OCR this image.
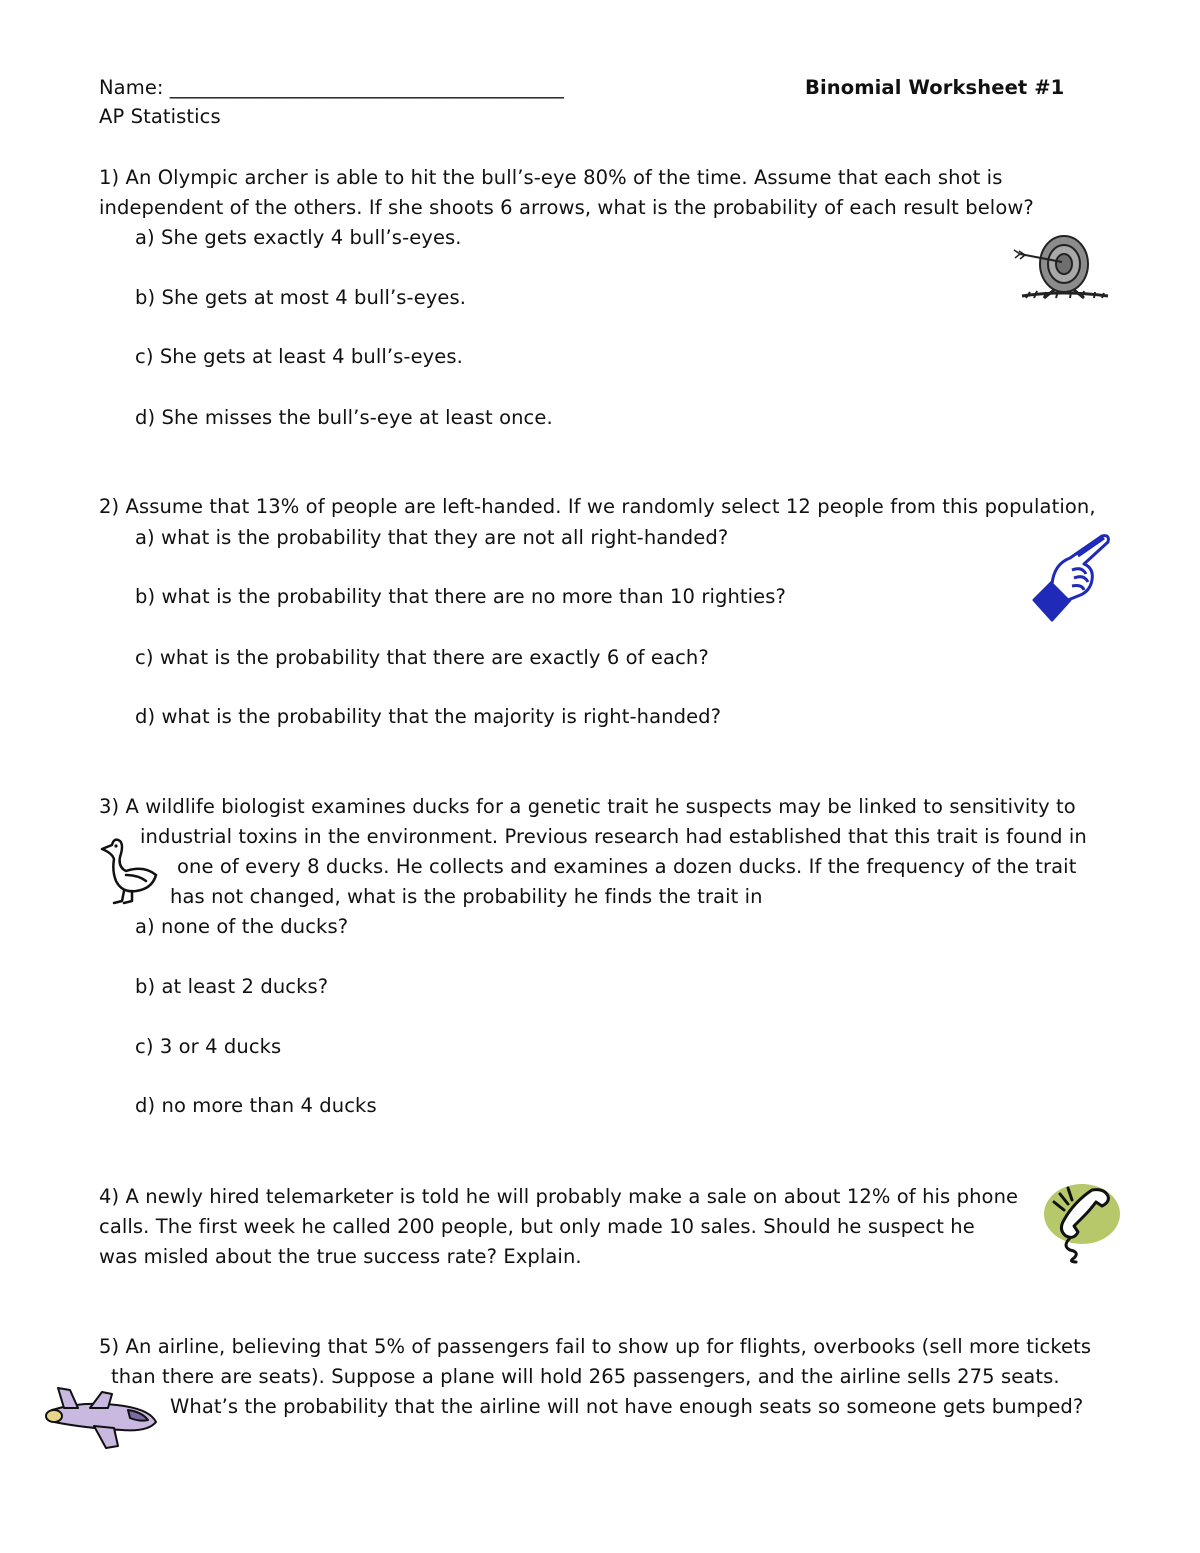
Name: ________________________________________	Binomial Worksheet #1
AP Statistics
1) An Olympic archer is able to hit the bull’s-eye 80% of the time. Assume that each shot is
independent of the others. If she shoots 6 arrows, what is the probability of each result below?
a) She gets exactly 4 bull’s-eyes.
b) She gets at most 4 bull’s-eyes.
c) She gets at least 4 bull’s-eyes.
d) She misses the bull’s-eye at least once.
2) Assume that 13% of people are left-handed. If we randomly select 12 people from this population,
a) what is the probability that they are not all right-handed?
b) what is the probability that there are no more than 10 righties?
c) what is the probability that there are exactly 6 of each?
d) what is the probability that the majority is right-handed?
3) A wildlife biologist examines ducks for a genetic trait he suspects may be linked to sensitivity to
industrial toxins in the environment. Previous research had established that this trait is found in
one of every 8 ducks. He collects and examines a dozen ducks. If the frequency of the trait
has not changed, what is the probability he finds the trait in
a) none of the ducks?
b) at least 2 ducks?
c) 3 or 4 ducks
d) no more than 4 ducks
4) A newly hired telemarketer is told he will probably make a sale on about 12% of his phone
calls. The first week he called 200 people, but only made 10 sales. Should he suspect he
was misled about the true success rate? Explain.
5) An airline, believing that 5% of passengers fail to show up for flights, overbooks (sell more tickets
than there are seats). Suppose a plane will hold 265 passengers, and the airline sells 275 seats.
What’s the probability that the airline will not have enough seats so someone gets bumped?
